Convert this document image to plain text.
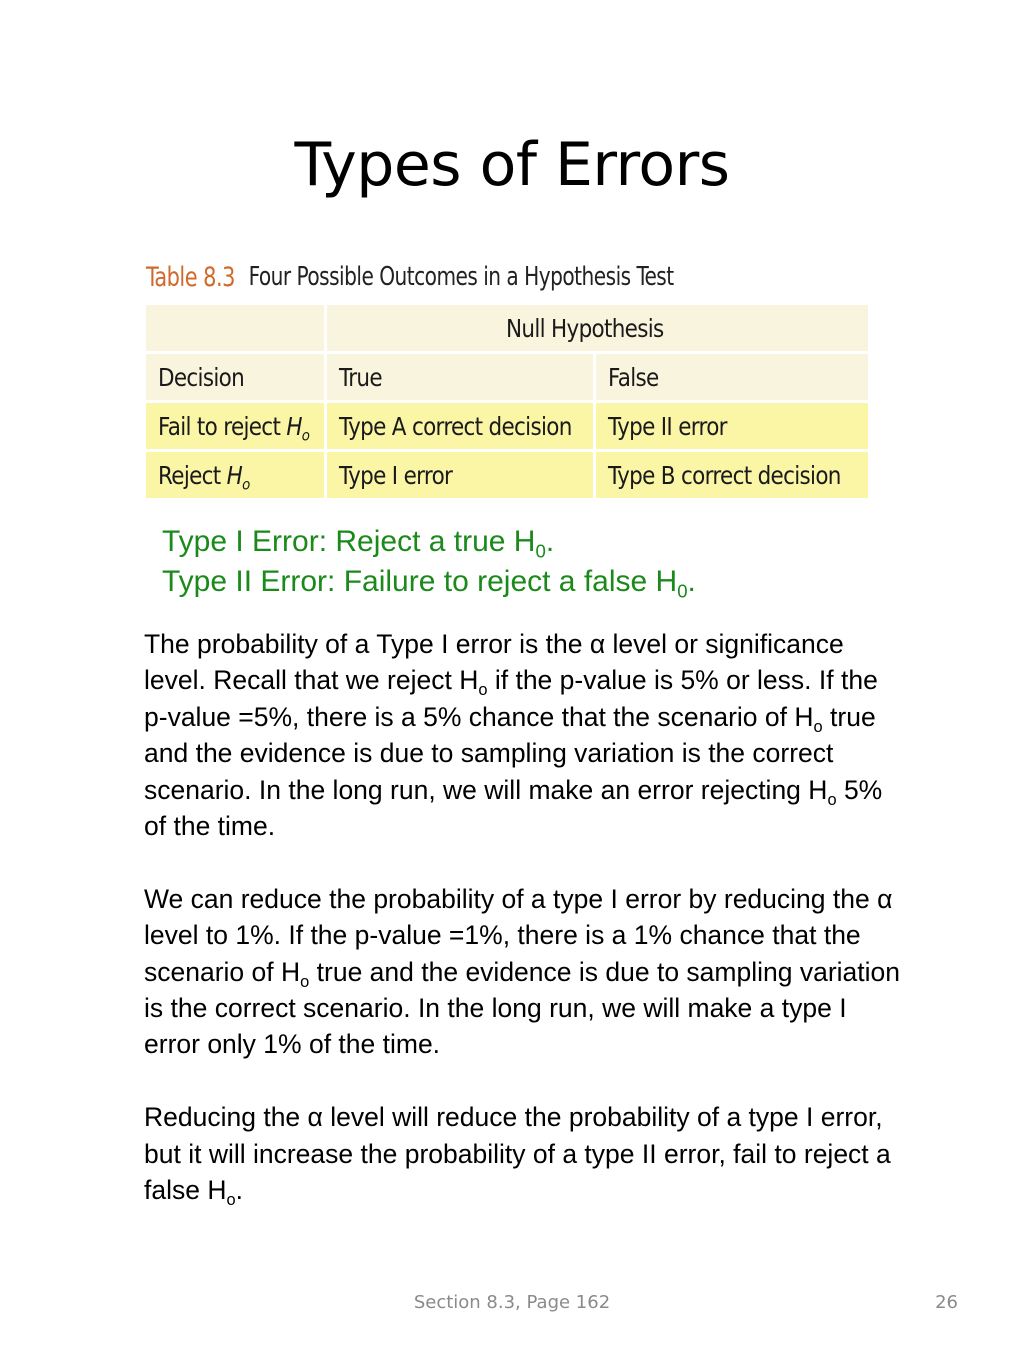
Types of Errors
Table 8.3 Four Possible Outcomes in a Hypothesis Test
	Null Hypothesis	
Decision	True	False
Fail to reject $H_o$	Type A correct decision	Type II error
Reject $H_o$	Type I error	Type B correct decision
Type I Error: Reject a true $H_0$.
Type II Error: Failure to reject a false $H_0$.

The probability of a Type I error is the α level or significance level. Recall that we reject $H_o$ if the p-value is 5% or less. If the p-value =5%, there is a 5% chance that the scenario of $H_o$ true and the evidence is due to sampling variation is the correct scenario. In the long run, we will make an error rejecting $H_o$ 5% of the time.

We can reduce the probability of a type I error by reducing the α level to 1%. If the p-value =1%, there is a 1% chance that the scenario of $H_o$ true and the evidence is due to sampling variation is the correct scenario. In the long run, we will make a type I error only 1% of the time.

Reducing the α level will reduce the probability of a type I error, but it will increase the probability of a type II error, fail to reject a false $H_o$.

Section 8.3, Page 162	26
